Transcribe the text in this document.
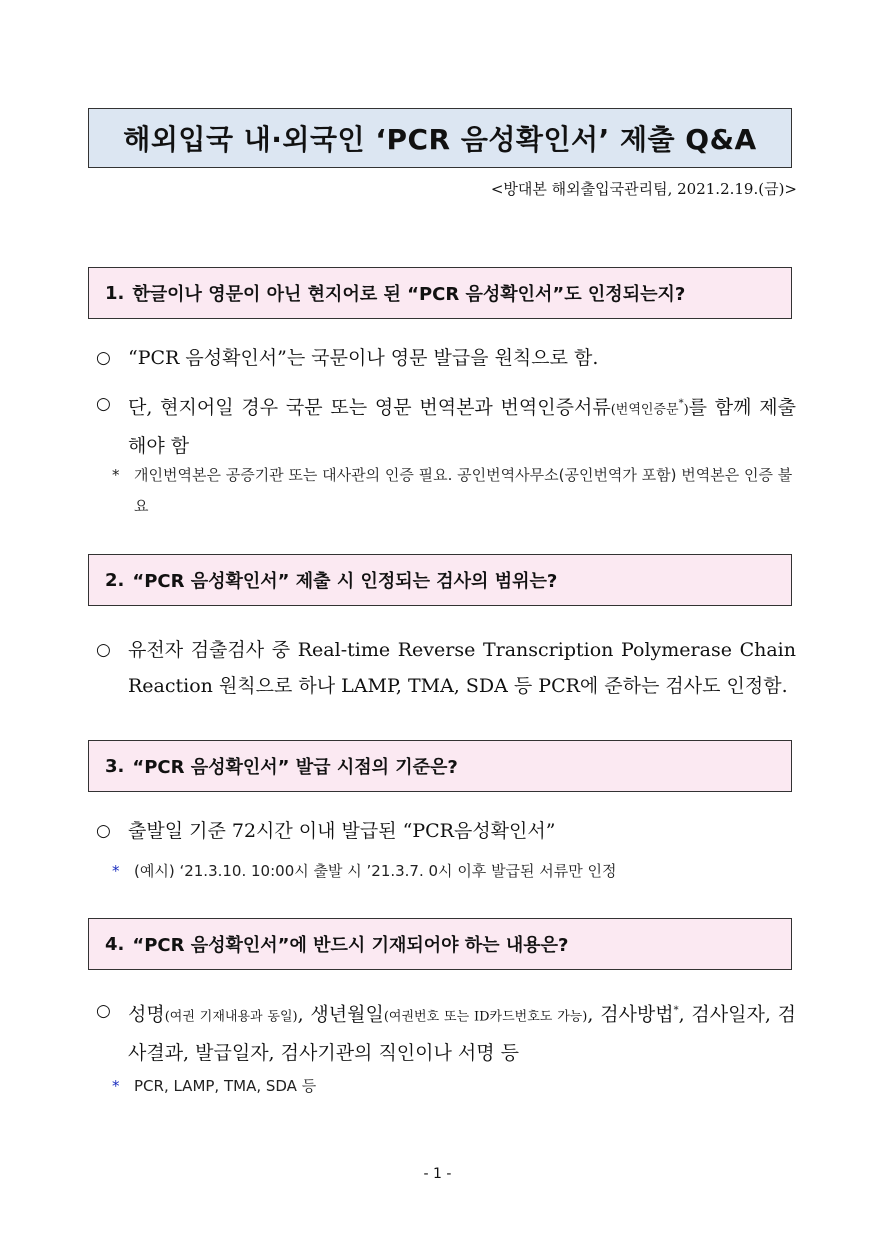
해외입국 내·외국인 ‘PCR 음성확인서’ 제출 Q&A
<방대본 해외출입국관리팀, 2021.2.19.(금)>
1. 한글이나 영문이 아닌 현지어로 된 “PCR 음성확인서”도 인정되는지?
○ “PCR 음성확인서”는 국문이나 영문 발급을 원칙으로 함.
○ 단, 현지어일 경우 국문 또는 영문 번역본과 번역인증서류(번역인증문*)를 함께 제출해야 함
* 개인번역본은 공증기관 또는 대사관의 인증 필요. 공인번역사무소(공인번역가 포함) 번역본은 인증 불요
2. “PCR 음성확인서” 제출 시 인정되는 검사의 범위는?
○ 유전자 검출검사 중 Real-time Reverse Transcription Polymerase Chain Reaction 원칙으로 하나 LAMP, TMA, SDA 등 PCR에 준하는 검사도 인정함.
3. “PCR 음성확인서” 발급 시점의 기준은?
○ 출발일 기준 72시간 이내 발급된 “PCR음성확인서”
* (예시) ‘21.3.10. 10:00시 출발 시 ’21.3.7. 0시 이후 발급된 서류만 인정
4. “PCR 음성확인서”에 반드시 기재되어야 하는 내용은?
○ 성명(여권 기재내용과 동일), 생년월일(여권번호 또는 ID카드번호도 가능), 검사방법*, 검사일자, 검사결과, 발급일자, 검사기관의 직인이나 서명 등
* PCR, LAMP, TMA, SDA 등
- 1 -
